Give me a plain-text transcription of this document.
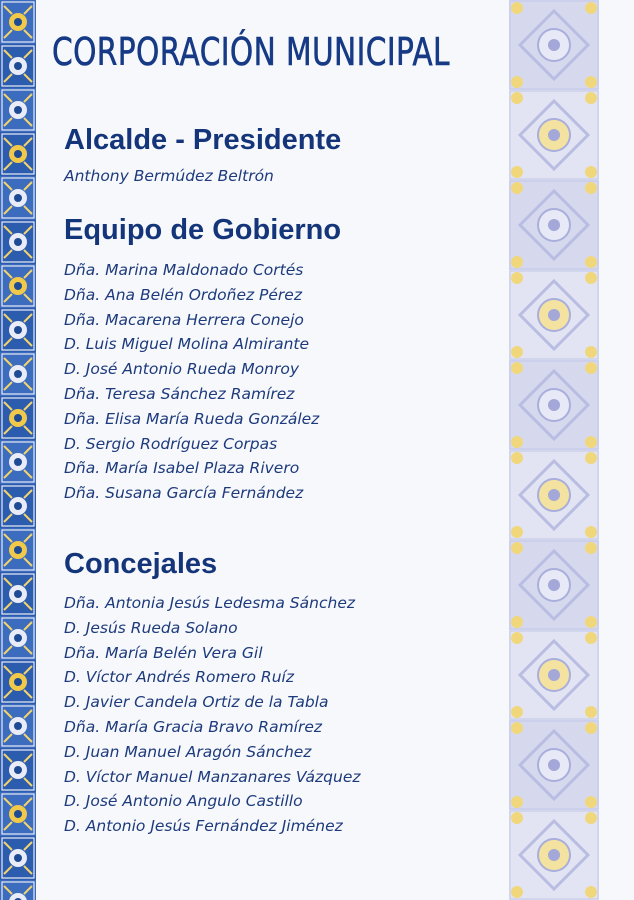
CORPORACIÓN MUNICIPAL
Alcalde - Presidente
Anthony Bermúdez Beltrón
Equipo de Gobierno
Dña. Marina Maldonado Cortés
Dña. Ana Belén Ordoñez Pérez
Dña. Macarena Herrera Conejo
D. Luis Miguel Molina Almirante
D. José Antonio Rueda Monroy
Dña. Teresa Sánchez Ramírez
Dña. Elisa María Rueda González
D. Sergio Rodríguez Corpas
Dña. María Isabel Plaza Rivero
Dña. Susana García Fernández
Concejales
Dña. Antonia Jesús Ledesma Sánchez
D. Jesús Rueda Solano
Dña. María Belén Vera Gil
D. Víctor Andrés Romero Ruíz
D. Javier Candela Ortiz de la Tabla
Dña. María Gracia Bravo Ramírez
D. Juan Manuel Aragón Sánchez
D. Víctor Manuel Manzanares Vázquez
D. José Antonio Angulo Castillo
D. Antonio Jesús Fernández Jiménez
